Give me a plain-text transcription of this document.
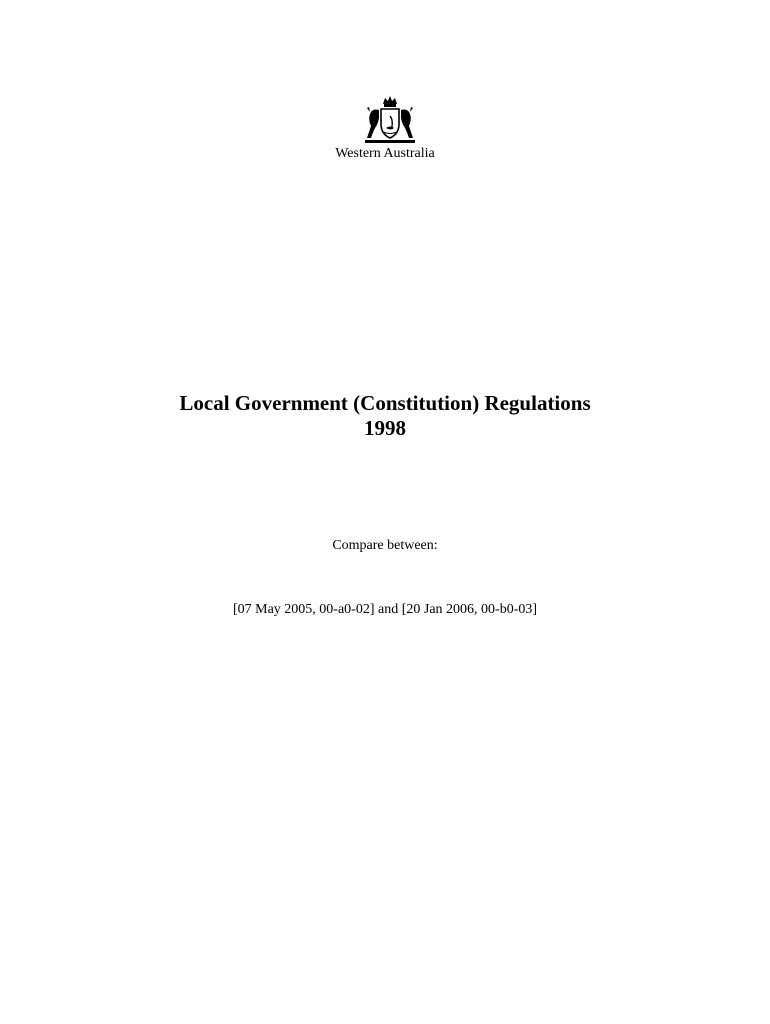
Western Australia
Local Government (Constitution) Regulations
1998
Compare between:
[07 May 2005, 00-a0-02] and [20 Jan 2006, 00-b0-03]
